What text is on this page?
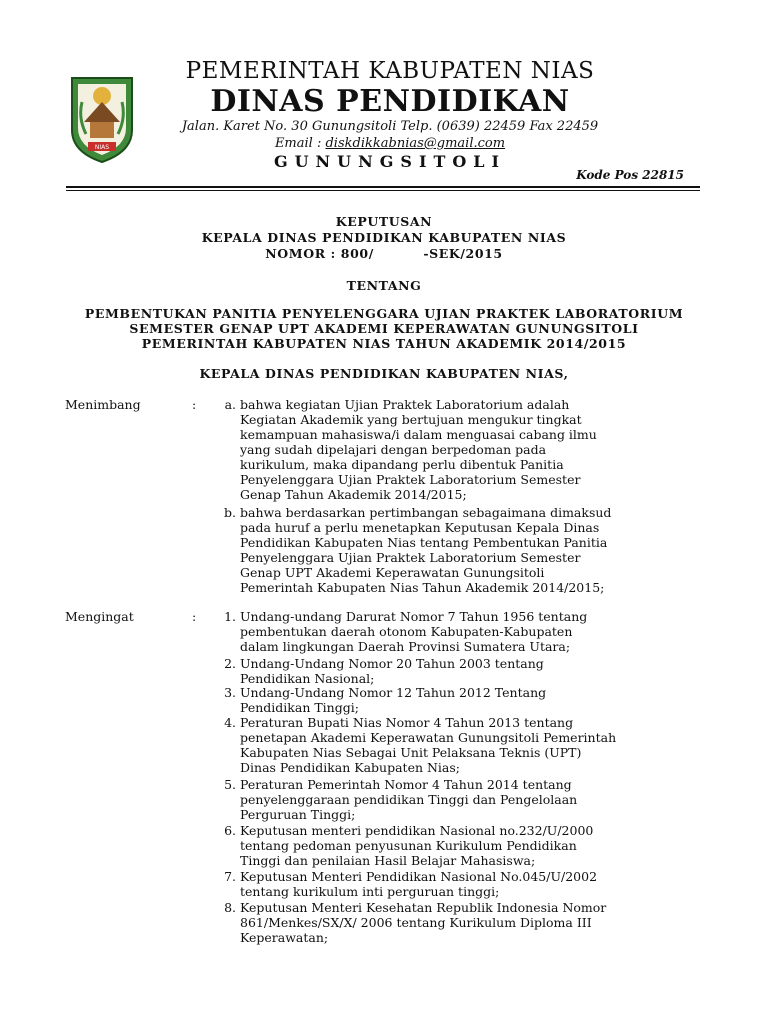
NIAS
PEMERINTAH KABUPATEN NIAS
DINAS PENDIDIKAN
Jalan. Karet No. 30 Gunungsitoli Telp. (0639) 22459 Fax 22459
Email : diskdikkabnias@gmail.com
GUNUNGSITOLI
Kode Pos 22815
KEPUTUSAN
KEPALA DINAS PENDIDIKAN KABUPATEN NIAS
NOMOR : 800/          -SEK/2015
TENTANG
PEMBENTUKAN PANITIA PENYELENGGARA UJIAN PRAKTEK LABORATORIUM
SEMESTER GENAP UPT AKADEMI KEPERAWATAN GUNUNGSITOLI
PEMERINTAH KABUPATEN NIAS TAHUN AKADEMIK 2014/2015
KEPALA DINAS PENDIDIKAN KABUPATEN NIAS,
Menimbang	:	a. bahwa kegiatan Ujian Praktek Laboratorium adalah
Kegiatan Akademik yang bertujuan mengukur tingkat
kemampuan mahasiswa/i dalam menguasai cabang ilmu
yang sudah dipelajari dengan berpedoman pada
kurikulum, maka dipandang perlu dibentuk Panitia
Penyelenggara Ujian Praktek Laboratorium Semester
Genap Tahun Akademik 2014/2015;
b. bahwa berdasarkan pertimbangan sebagaimana dimaksud
pada huruf a perlu menetapkan Keputusan Kepala Dinas
Pendidikan Kabupaten Nias tentang Pembentukan Panitia
Penyelenggara Ujian Praktek Laboratorium Semester
Genap UPT Akademi Keperawatan Gunungsitoli
Pemerintah Kabupaten Nias Tahun Akademik 2014/2015;
Mengingat	:	1. Undang-undang Darurat Nomor 7 Tahun 1956 tentang
pembentukan daerah otonom Kabupaten-Kabupaten
dalam lingkungan Daerah Provinsi Sumatera Utara;
2. Undang-Undang Nomor 20 Tahun 2003 tentang
Pendidikan Nasional;
3. Undang-Undang Nomor 12 Tahun 2012 Tentang
Pendidikan Tinggi;
4. Peraturan Bupati Nias Nomor 4 Tahun 2013 tentang
penetapan Akademi Keperawatan Gunungsitoli Pemerintah
Kabupaten Nias Sebagai Unit Pelaksana Teknis (UPT)
Dinas Pendidikan Kabupaten Nias;
5. Peraturan Pemerintah Nomor 4 Tahun 2014 tentang
penyelenggaraan pendidikan Tinggi dan Pengelolaan
Perguruan Tinggi;
6. Keputusan menteri pendidikan Nasional no.232/U/2000
tentang pedoman penyusunan Kurikulum Pendidikan
Tinggi dan penilaian Hasil Belajar Mahasiswa;
7. Keputusan Menteri Pendidikan Nasional No.045/U/2002
tentang kurikulum inti perguruan tinggi;
8. Keputusan Menteri Kesehatan Republik Indonesia Nomor
861/Menkes/SX/X/ 2006 tentang Kurikulum Diploma III
Keperawatan;
